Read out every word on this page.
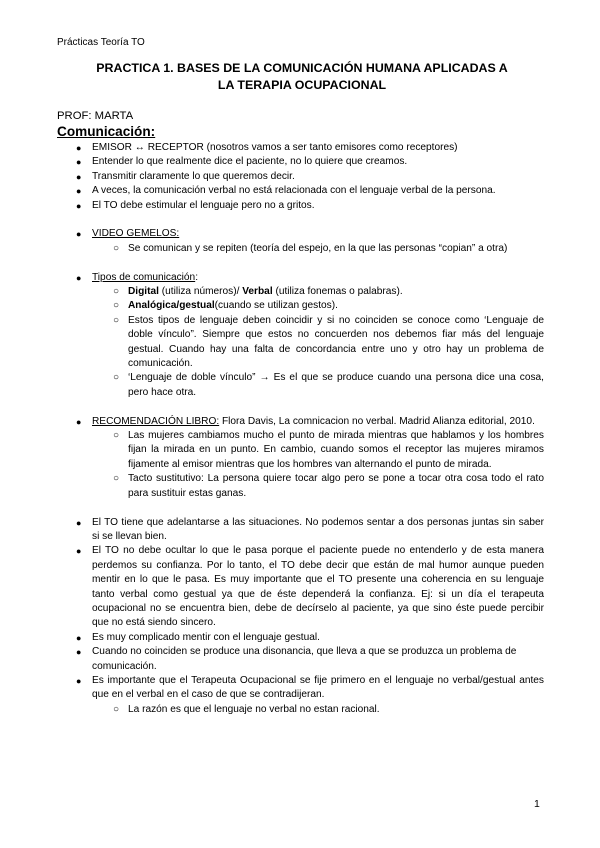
Prácticas Teoría TO
PRACTICA 1. BASES DE LA COMUNICACIÓN HUMANA APLICADAS A
LA TERAPIA OCUPACIONAL
PROF: MARTA
Comunicación:
● EMISOR ↔ RECEPTOR (nosotros vamos a ser tanto emisores como receptores)
● Entender lo que realmente dice el paciente, no lo quiere que creamos.
● Transmitir claramente lo que queremos decir.
● A veces, la comunicación verbal no está relacionada con el lenguaje verbal de la persona.
● El TO debe estimular el lenguaje pero no a gritos.
● VIDEO GEMELOS:
○ Se comunican y se repiten (teoría del espejo, en la que las personas “copian” a otra)
● Tipos de comunicación:
○ Digital (utiliza números)/ Verbal (utiliza fonemas o palabras).
○ Analógica/gestual(cuando se utilizan gestos).
○ Estos tipos de lenguaje deben coincidir y si no coinciden se conoce como ‘Lenguaje de doble vínculo”. Siempre que estos no concuerden nos debemos fiar más del lenguaje gestual. Cuando hay una falta de concordancia entre uno y otro hay un problema de comunicación.
○ ‘Lenguaje de doble vínculo” → Es el que se produce cuando una persona dice una cosa, pero hace otra.
● RECOMENDACIÓN LIBRO: Flora Davis, La comnicacion no verbal. Madrid Alianza editorial, 2010.
○ Las mujeres cambiamos mucho el punto de mirada mientras que hablamos y los hombres fijan la mirada en un punto. En cambio, cuando somos el receptor las mujeres miramos fijamente al emisor mientras que los hombres van alternando el punto de mirada.
○ Tacto sustitutivo: La persona quiere tocar algo pero se pone a tocar otra cosa todo el rato para sustituir estas ganas.
● El TO tiene que adelantarse a las situaciones. No podemos sentar a dos personas juntas sin saber si se llevan bien.
● El TO no debe ocultar lo que le pasa porque el paciente puede no entenderlo y de esta manera perdemos su confianza. Por lo tanto, el TO debe decir que están de mal humor aunque pueden mentir en lo que le pasa. Es muy importante que el TO presente una coherencia en su lenguaje tanto verbal como gestual ya que de éste dependerá la confianza. Ej: si un día el terapeuta ocupacional no se encuentra bien, debe de decírselo al paciente, ya que sino éste puede percibir que no está siendo sincero.
● Es muy complicado mentir con el lenguaje gestual.
● Cuando no coinciden se produce una disonancia, que lleva a que se produzca un problema de comunicación.
● Es importante que el Terapeuta Ocupacional se fije primero en el lenguaje no verbal/gestual antes que en el verbal en el caso de que se contradijeran.
○ La razón es que el lenguaje no verbal no estan racional.
1
